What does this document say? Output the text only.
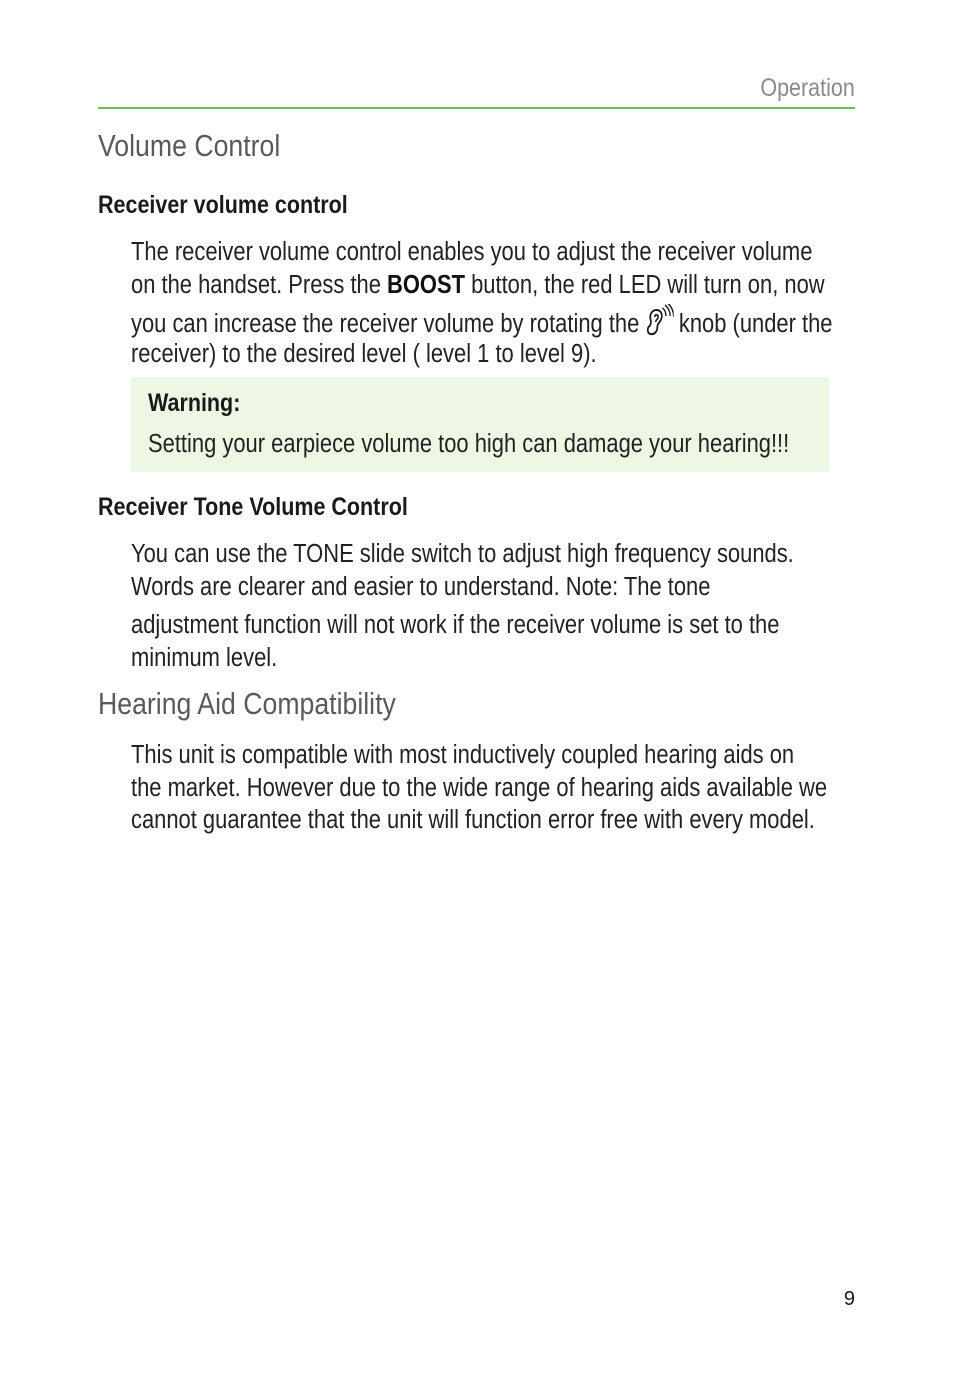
Operation
Volume Control
Receiver volume control
The receiver volume control enables you to adjust the receiver volume
on the handset. Press the BOOST button, the red LED will turn on, now
you can increase the receiver volume by rotating the knob (under the
receiver) to the desired level ( level 1 to level 9).
Warning:
Setting your earpiece volume too high can damage your hearing!!!
Receiver Tone Volume Control
You can use the TONE slide switch to adjust high frequency sounds.
Words are clearer and easier to understand. Note: The tone
adjustment function will not work if the receiver volume is set to the
minimum level.
Hearing Aid Compatibility
This unit is compatible with most inductively coupled hearing aids on
the market. However due to the wide range of hearing aids available we
cannot guarantee that the unit will function error free with every model.
9
